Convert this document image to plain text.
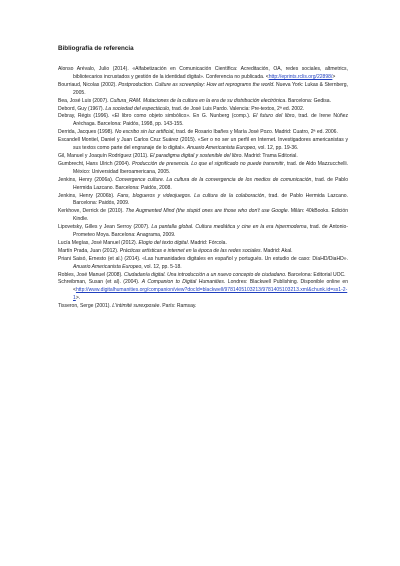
Bibliografía de referencia

Alonso Arévalo, Julio (2014). «Alfabetización en Comunicación Científica: Acreditación, OA, redes sociales, altmetrics, bibliotecarios incrustados y gestión de la identidad digital». Conferencia no publicada. <http://eprints.rclis.org/22898/>

Bourriaud, Nicolas (2002). Postproduction. Culture as screenplay: How art reprograms the world. Nueva York: Lukas & Sternberg, 2005.

Bea, José Luis (2007). Cultura_RAM. Mutaciones de la cultura en la era de su distribución electrónica. Barcelona: Gedisa.

Debord, Guy (1967). La sociedad del espectáculo, trad. de José Luis Pardo. Valencia: Pre-textos, 2ª ed. 2002.

Debray, Régis (1996). «El libro como objeto simbólico». En G. Nunberg (comp.). El futuro del libro, trad. de Irene Núñez Aréchaga. Barcelona: Paidós, 1998, pp. 143-155.

Derrida, Jacques (1998). No escribo sin luz artificial, trad. de Rosario Ibañes y María José Pozo. Madrid: Cuatro, 2ª ed. 2006.

Escandell Montiel, Daniel y Juan Carlos Cruz Suárez (2015). «Ser o no ser un perfil en Internet. Investigadores americanistas y sus textos como parte del engranaje de lo digital». Anuario Americanista Europeo, vol. 12, pp. 19-36.

Gil, Manuel y Joaquín Rodríguez (2011). El paradigma digital y sostenible del libro. Madrid: Trama Editorial.

Gumbrecht, Hans Ulrich (2004). Producción de presencia. Lo que el significado no puede transmitir, trad. de Aldo Mazzucchelli. México: Universidad Iberoamericana, 2005.

Jenkins, Henry (2006a). Convergence culture. La cultura de la convergencia de los medios de comunicación, trad. de Pablo Hermida Lazcano. Barcelona: Paidós, 2008.

Jenkins, Henry (2006b). Fans, blogueros y videojuegos. La cultura de la colaboración, trad. de Pablo Hermida Lazcano. Barcelona: Paidós, 2009.

Kerkhove, Derrick de (2010). The Augmented Mind (the stupid ones are those who don't use Google. Milán: 40kBooks. Edición Kindle.

Lipovetsky, Gilles y Jean Serroy (2007). La pantalla global. Cultura mediática y cine en la era hipermoderna, trad. de Antonio-Prometeo Moya. Barcelona: Anagrama, 2009.

Lucía Megías, José Manuel (2012). Elogio del texto digital. Madrid: Fórcola.

Martín Prada, Juan (2012). Prácticas artísticas e internet en la época de las redes sociales. Madrid: Akal.

Priani Saisó, Ernesto (et al.) (2014). «Las humanidades digitales en español y portugués. Un estudio de caso: DíaHD/DiaHD». Anuario Americanista Europeo, vol. 12, pp. 5-18.

Robles, José Manuel (2008). Ciudadanía digital. Una introducción a un nuevo concepto de ciudadano. Barcelona: Editorial UOC.

Schreibman, Susan (et al). (2004). A Companion to Digital Humanities. Londres: Blackwell Publishing. Disponible online en <http://www.digitalhumanities.org/companion/view?docId=blackwell/9781405103213/9781405103213.xml&chunk.id=ss1-2-1>.

Tisseron, Serge (2001). L'intimité surexposée. París: Ramsay.
